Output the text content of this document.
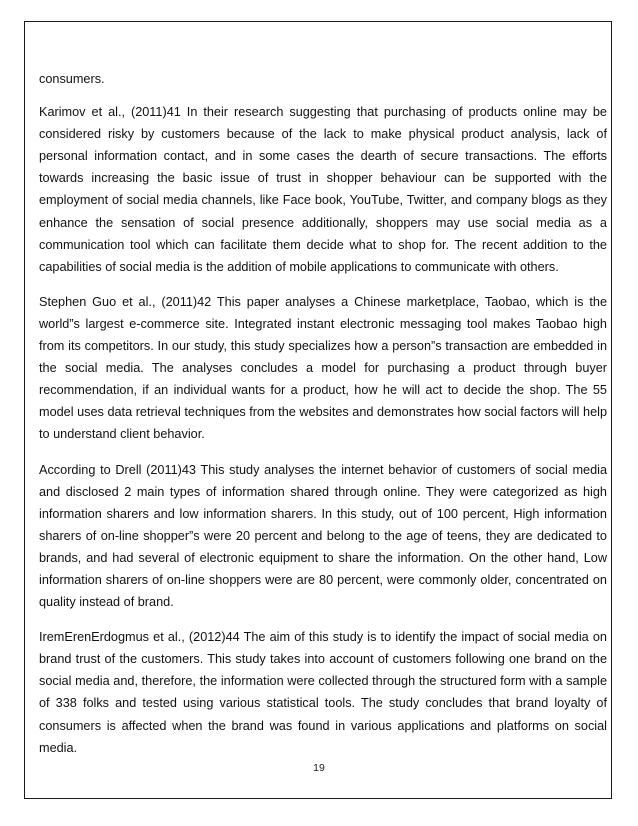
consumers.

Karimov et al., (2011)41 In their research suggesting that purchasing of products online may be considered risky by customers because of the lack to make physical product analysis, lack of personal information contact, and in some cases the dearth of secure transactions. The efforts towards increasing the basic issue of trust in shopper behaviour can be supported with the employment of social media channels, like Face book, YouTube, Twitter, and company blogs as they enhance the sensation of social presence additionally, shoppers may use social media as a communication tool which can facilitate them decide what to shop for. The recent addition to the capabilities of social media is the addition of mobile applications to communicate with others.

Stephen Guo et al., (2011)42 This paper analyses a Chinese marketplace, Taobao, which is the world”s largest e-commerce site. Integrated instant electronic messaging tool makes Taobao high from its competitors. In our study, this study specializes how a person”s transaction are embedded in the social media. The analyses concludes a model for purchasing a product through buyer recommendation, if an individual wants for a product, how he will act to decide the shop. The 55 model uses data retrieval techniques from the websites and demonstrates how social factors will help to understand client behavior.

According to Drell (2011)43 This study analyses the internet behavior of customers of social media and disclosed 2 main types of information shared through online. They were categorized as high information sharers and low information sharers. In this study, out of 100 percent, High information sharers of on-line shopper”s were 20 percent and belong to the age of teens, they are dedicated to brands, and had several of electronic equipment to share the information. On the other hand, Low information sharers of on-line shoppers were are 80 percent, were commonly older, concentrated on quality instead of brand.

IremErenErdogmus et al., (2012)44 The aim of this study is to identify the impact of social media on brand trust of the customers. This study takes into account of customers following one brand on the social media and, therefore, the information were collected through the structured form with a sample of 338 folks and tested using various statistical tools. The study concludes that brand loyalty of consumers is affected when the brand was found in various applications and platforms on social media.

19
